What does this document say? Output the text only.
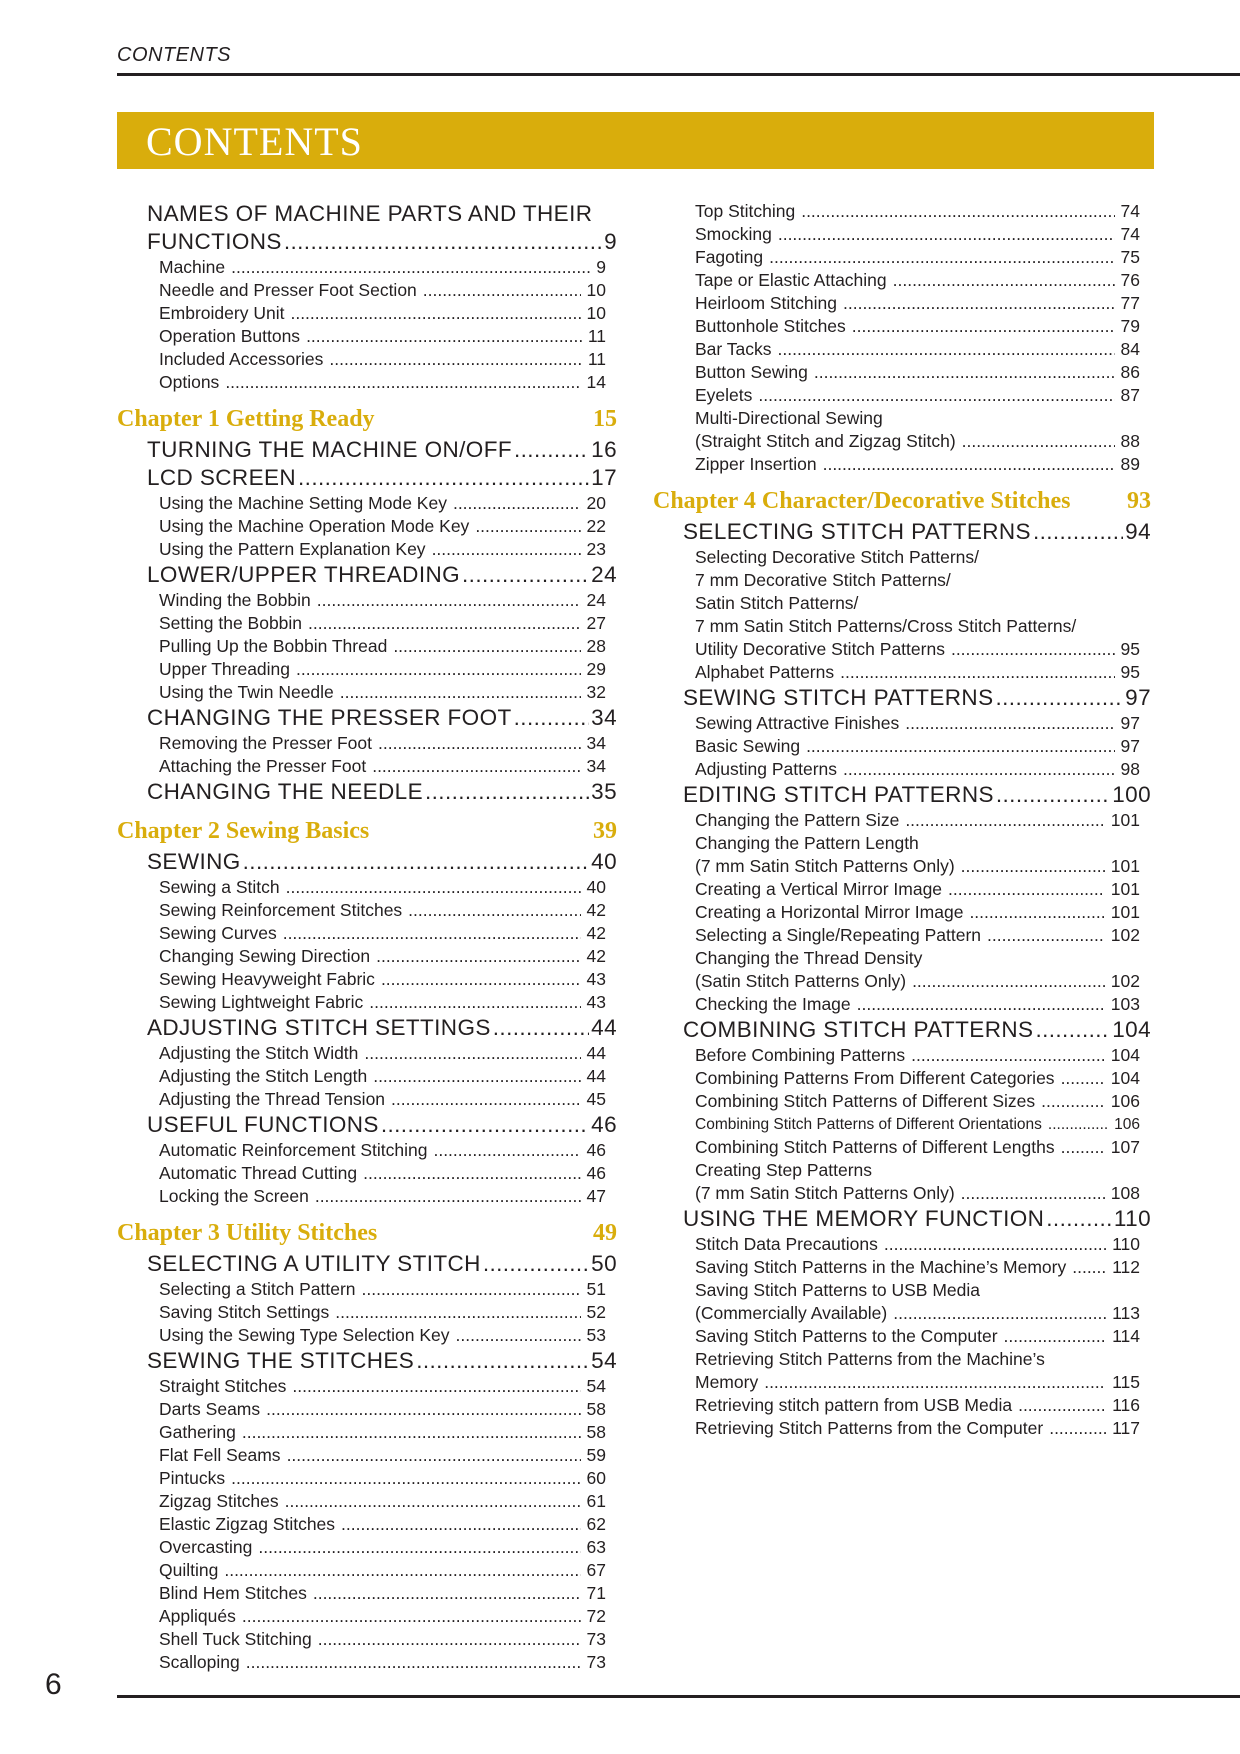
CONTENTS
CONTENTS
NAMES OF MACHINE PARTS AND THEIR
FUNCTIONS .....	9
Machine .....	9
Needle and Presser Foot Section .....	10
Embroidery Unit .....	10
Operation Buttons .....	11
Included Accessories .....	11
Options .....	14
Chapter 1 Getting Ready	15
TURNING THE MACHINE ON/OFF .....	16
LCD SCREEN .....	17
Using the Machine Setting Mode Key .....	20
Using the Machine Operation Mode Key .....	22
Using the Pattern Explanation Key .....	23
LOWER/UPPER THREADING .....	24
Winding the Bobbin .....	24
Setting the Bobbin .....	27
Pulling Up the Bobbin Thread .....	28
Upper Threading .....	29
Using the Twin Needle .....	32
CHANGING THE PRESSER FOOT .....	34
Removing the Presser Foot .....	34
Attaching the Presser Foot .....	34
CHANGING THE NEEDLE .....	35
Chapter 2 Sewing Basics	39
SEWING .....	40
Sewing a Stitch .....	40
Sewing Reinforcement Stitches .....	42
Sewing Curves .....	42
Changing Sewing Direction .....	42
Sewing Heavyweight Fabric .....	43
Sewing Lightweight Fabric .....	43
ADJUSTING STITCH SETTINGS .....	44
Adjusting the Stitch Width .....	44
Adjusting the Stitch Length .....	44
Adjusting the Thread Tension .....	45
USEFUL FUNCTIONS .....	46
Automatic Reinforcement Stitching .....	46
Automatic Thread Cutting .....	46
Locking the Screen .....	47
Chapter 3 Utility Stitches	49
SELECTING A UTILITY STITCH .....	50
Selecting a Stitch Pattern .....	51
Saving Stitch Settings .....	52
Using the Sewing Type Selection Key .....	53
SEWING THE STITCHES .....	54
Straight Stitches .....	54
Darts Seams .....	58
Gathering .....	58
Flat Fell Seams .....	59
Pintucks .....	60
Zigzag Stitches .....	61
Elastic Zigzag Stitches .....	62
Overcasting .....	63
Quilting .....	67
Blind Hem Stitches .....	71
Appliqués .....	72
Shell Tuck Stitching .....	73
Scalloping .....	73
Top Stitching .....	74
Smocking .....	74
Fagoting .....	75
Tape or Elastic Attaching .....	76
Heirloom Stitching .....	77
Buttonhole Stitches .....	79
Bar Tacks .....	84
Button Sewing .....	86
Eyelets .....	87
Multi-Directional Sewing
(Straight Stitch and Zigzag Stitch) .....	88
Zipper Insertion .....	89
Chapter 4 Character/Decorative Stitches 93
SELECTING STITCH PATTERNS .....	94
Selecting Decorative Stitch Patterns/
7 mm Decorative Stitch Patterns/
Satin Stitch Patterns/
7 mm Satin Stitch Patterns/Cross Stitch Patterns/
Utility Decorative Stitch Patterns .....	95
Alphabet Patterns .....	95
SEWING STITCH PATTERNS .....	97
Sewing Attractive Finishes .....	97
Basic Sewing .....	97
Adjusting Patterns .....	98
EDITING STITCH PATTERNS .....	100
Changing the Pattern Size .....	101
Changing the Pattern Length
(7 mm Satin Stitch Patterns Only) .....	101
Creating a Vertical Mirror Image .....	101
Creating a Horizontal Mirror Image .....	101
Selecting a Single/Repeating Pattern .....	102
Changing the Thread Density
(Satin Stitch Patterns Only) .....	102
Checking the Image .....	103
COMBINING STITCH PATTERNS .....	104
Before Combining Patterns .....	104
Combining Patterns From Different Categories .....	104
Combining Stitch Patterns of Different Sizes .....	106
Combining Stitch Patterns of Different Orientations .....	106
Combining Stitch Patterns of Different Lengths .....	107
Creating Step Patterns
(7 mm Satin Stitch Patterns Only) .....	108
USING THE MEMORY FUNCTION .....	110
Stitch Data Precautions .....	110
Saving Stitch Patterns in the Machine’s Memory .....	112
Saving Stitch Patterns to USB Media
(Commercially Available) .....	113
Saving Stitch Patterns to the Computer .....	114
Retrieving Stitch Patterns from the Machine’s
Memory .....	115
Retrieving stitch pattern from USB Media .....	116
Retrieving Stitch Patterns from the Computer .....	117
6
